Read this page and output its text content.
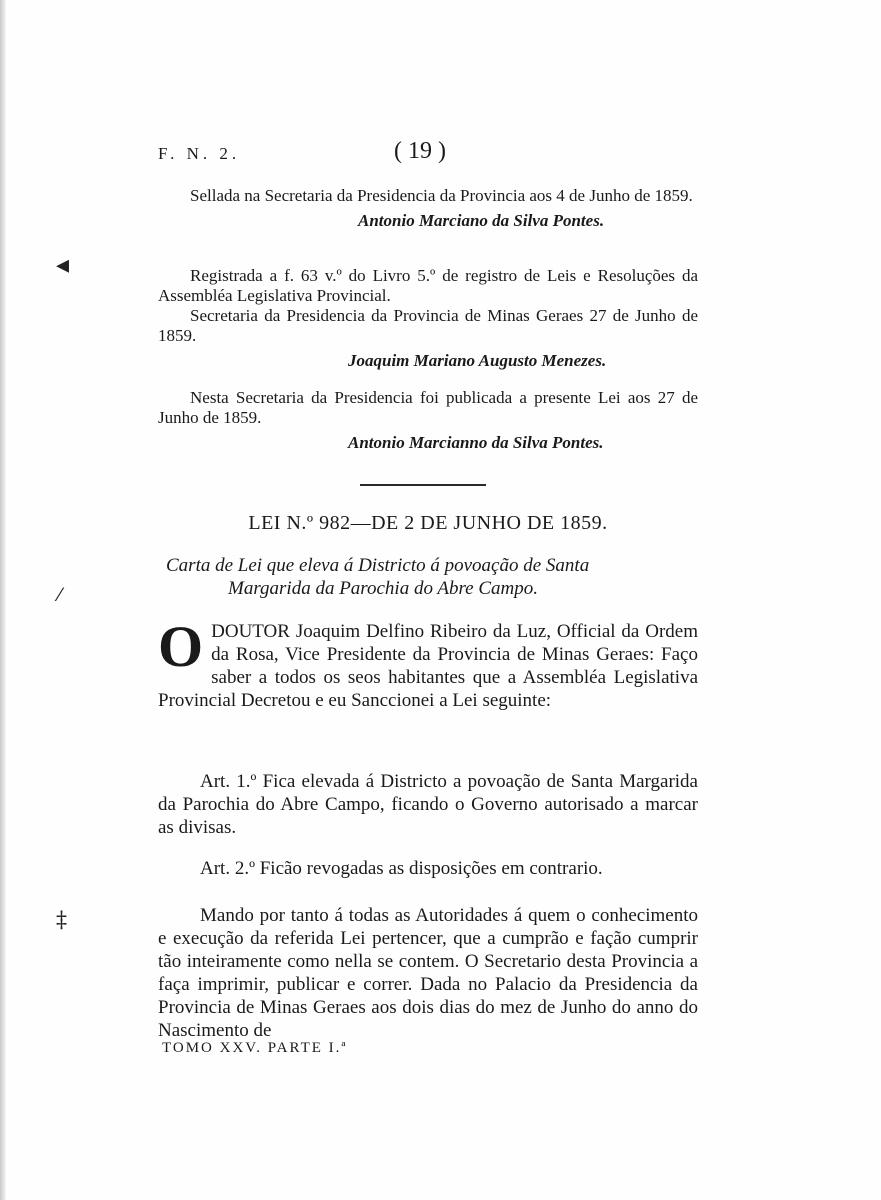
F. N. 2.	( 19 )

Sellada na Secretaria da Presidencia da Provincia aos 4 de Junho de 1859.

Antonio Marciano da Silva Pontes.

Registrada a f. 63 v.º do Livro 5.º de registro de Leis e Resoluções da Assembléa Legislativa Provincial.

Secretaria da Presidencia da Provincia de Minas Geraes 27 de Junho de 1859.

Joaquim Mariano Augusto Menezes.

Nesta Secretaria da Presidencia foi publicada a presente Lei aos 27 de Junho de 1859.

Antonio Marcianno da Silva Pontes.

LEI N.º 982—DE 2 DE JUNHO DE 1859.

Carta de Lei que eleva á Districto á povoação de Santa

Margarida da Parochia do Abre Campo.

O DOUTOR Joaquim Delfino Ribeiro da Luz, Official da Ordem da Rosa, Vice Presidente da Provincia de Minas Geraes: Faço saber a todos os seos habitantes que a Assembléa Legislativa Provincial Decretou e eu Sanccionei a Lei seguinte:
Art. 1.º Fica elevada á Districto a povoação de Santa Margarida da Parochia do Abre Campo, ficando o Governo autorisado a marcar as divisas.
Art. 2.º Ficão revogadas as disposições em contrario.
Mando por tanto á todas as Autoridades á quem o conhecimento e execução da referida Lei pertencer, que a cumprão e fação cumprir tão inteiramente como nella se contem. O Secretario desta Provincia a faça imprimir, publicar e correr. Dada no Palacio da Presidencia da Provincia de Minas Geraes aos dois dias do mez de Junho do anno do Nascimento de
TOMO XXV. PARTE I.ª
◂
⁄
‡
